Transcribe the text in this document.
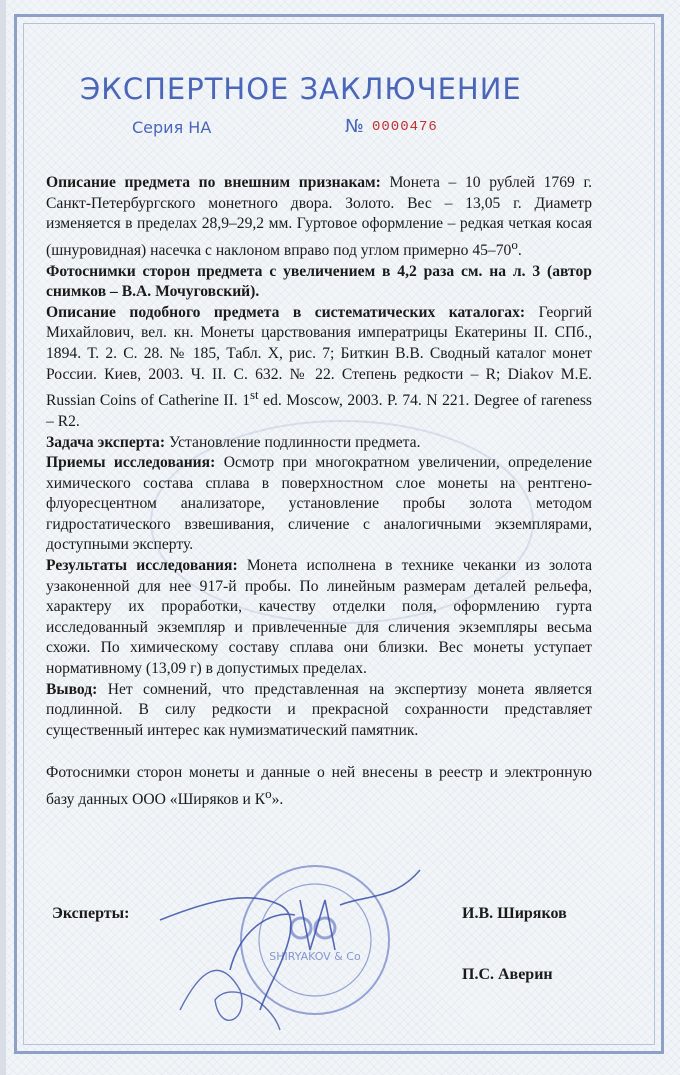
ЭКСПЕРТНОЕ ЗАКЛЮЧЕНИЕ
Серия НА	№ 0000476

Описание предмета по внешним признакам: Монета – 10 рублей 1769 г. Санкт-Петербургского монетного двора. Золото. Вес – 13,05 г. Диаметр изменяется в пределах 28,9–29,2 мм. Гуртовое оформление – редкая четкая косая (шнуровидная) насечка с наклоном вправо под углом примерно $45-70^о$.

Фотоснимки сторон предмета с увеличением в 4,2 раза см. на л. 3 (автор снимков – В.А. Мочуговский).

Описание подобного предмета в систематических каталогах: Георгий Михайлович, вел. кн. Монеты царствования императрицы Екатерины II. СПб., 1894. Т. 2. С. 28. № 185, Табл. X, рис. 7; Биткин В.В. Сводный каталог монет России. Киев, 2003. Ч. II. С. 632. № 22. Степень редкости – R; Diakov M.E. Russian Coins of Catherine II. 1st ed. Moscow, 2003. P. 74. N 221. Degree of rareness – R2.

Задача эксперта: Установление подлинности предмета.

Приемы исследования: Осмотр при многократном увеличении, определение химического состава сплава в поверхностном слое монеты на рентгено-флуоресцентном анализаторе, установление пробы золота методом гидростатического взвешивания, сличение с аналогичными экземплярами, доступными эксперту.

Результаты исследования: Монета исполнена в технике чеканки из золота узаконенной для нее 917-й пробы. По линейным размерам деталей рельефа, характеру их проработки, качеству отделки поля, оформлению гурта исследованный экземпляр и привлеченные для сличения экземпляры весьма схожи. По химическому составу сплава они близки. Вес монеты уступает нормативному (13,09 г) в допустимых пределах.

Вывод: Нет сомнений, что представленная на экспертизу монета является подлинной. В силу редкости и прекрасной сохранности представляет существенный интерес как нумизматический памятник.

Фотоснимки сторон монеты и данные о ней внесены в реестр и электронную базу данных ООО «Ширяков и $К^о$».

SHIRYAKOV & Co
Эксперты:	И.В. Ширяков
П.С. Аверин
